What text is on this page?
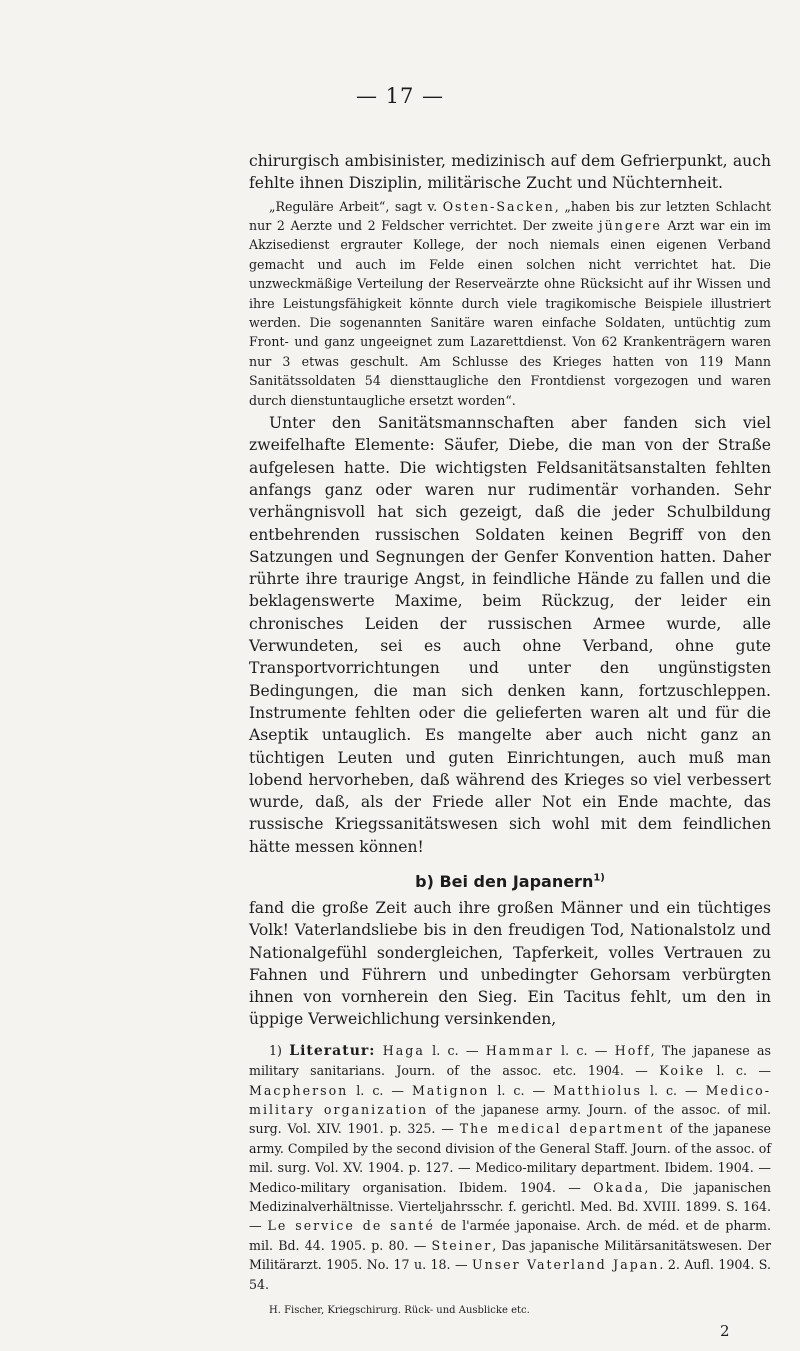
— 17 —

chirurgisch ambisinister, medizinisch auf dem Gefrierpunkt, auch fehlte ihnen Disziplin, militärische Zucht und Nüchternheit.

„Reguläre Arbeit“, sagt v. Osten-Sacken, „haben bis zur letzten Schlacht nur 2 Aerzte und 2 Feldscher verrichtet. Der zweite jüngere Arzt war ein im Akzisedienst ergrauter Kollege, der noch niemals einen eigenen Verband gemacht und auch im Felde einen solchen nicht verrichtet hat. Die unzweckmäßige Verteilung der Reserveärzte ohne Rücksicht auf ihr Wissen und ihre Leistungsfähigkeit könnte durch viele tragikomische Beispiele illustriert werden. Die sogenannten Sanitäre waren einfache Soldaten, untüchtig zum Front- und ganz ungeeignet zum Lazarettdienst. Von 62 Krankenträgern waren nur 3 etwas geschult. Am Schlusse des Krieges hatten von 119 Mann Sanitätssoldaten 54 diensttaugliche den Frontdienst vorgezogen und waren durch dienstuntaugliche ersetzt worden“.

Unter den Sanitätsmannschaften aber fanden sich viel zweifelhafte Elemente: Säufer, Diebe, die man von der Straße aufgelesen hatte. Die wichtigsten Feldsanitätsanstalten fehlten anfangs ganz oder waren nur rudimentär vorhanden. Sehr verhängnisvoll hat sich gezeigt, daß die jeder Schulbildung entbehrenden russischen Soldaten keinen Begriff von den Satzungen und Segnungen der Genfer Konvention hatten. Daher rührte ihre traurige Angst, in feindliche Hände zu fallen und die beklagenswerte Maxime, beim Rückzug, der leider ein chronisches Leiden der russischen Armee wurde, alle Verwundeten, sei es auch ohne Verband, ohne gute Transportvorrichtungen und unter den ungünstigsten Bedingungen, die man sich denken kann, fortzuschleppen. Instrumente fehlten oder die gelieferten waren alt und für die Aseptik untauglich. Es mangelte aber auch nicht ganz an tüchtigen Leuten und guten Einrichtungen, auch muß man lobend hervorheben, daß während des Krieges so viel verbessert wurde, daß, als der Friede aller Not ein Ende machte, das russische Kriegssanitätswesen sich wohl mit dem feindlichen hätte messen können!

b) Bei den Japanern$^{1)}$

fand die große Zeit auch ihre großen Männer und ein tüchtiges Volk! Vaterlandsliebe bis in den freudigen Tod, Nationalstolz und Nationalgefühl sondergleichen, Tapferkeit, volles Vertrauen zu Fahnen und Führern und unbedingter Gehorsam verbürgten ihnen von vornherein den Sieg. Ein Tacitus fehlt, um den in üppige Verweichlichung versinkenden,

1) Literatur: Haga l. c. — Hammar l. c. — Hoff, The japanese as military sanitarians. Journ. of the assoc. etc. 1904. — Koike l. c. — Macpherson l. c. — Matignon l. c. — Matthiolus l. c. — Medico-military organization of the japanese army. Journ. of the assoc. of mil. surg. Vol. XIV. 1901. p. 325. — The medical department of the japanese army. Compiled by the second division of the General Staff. Journ. of the assoc. of mil. surg. Vol. XV. 1904. p. 127. — Medico-military department. Ibidem. 1904. — Medico-military organisation. Ibidem. 1904. — Okada, Die japanischen Medizinalverhältnisse. Vierteljahrsschr. f. gerichtl. Med. Bd. XVIII. 1899. S. 164. — Le service de santé de l'armée japonaise. Arch. de méd. et de pharm. mil. Bd. 44. 1905. p. 80. — Steiner, Das japanische Militärsanitätswesen. Der Militärarzt. 1905. No. 17 u. 18. — Unser Vaterland Japan. 2. Aufl. 1904. S. 54.

H. Fischer, Kriegschirurg. Rück- und Ausblicke etc.
2
